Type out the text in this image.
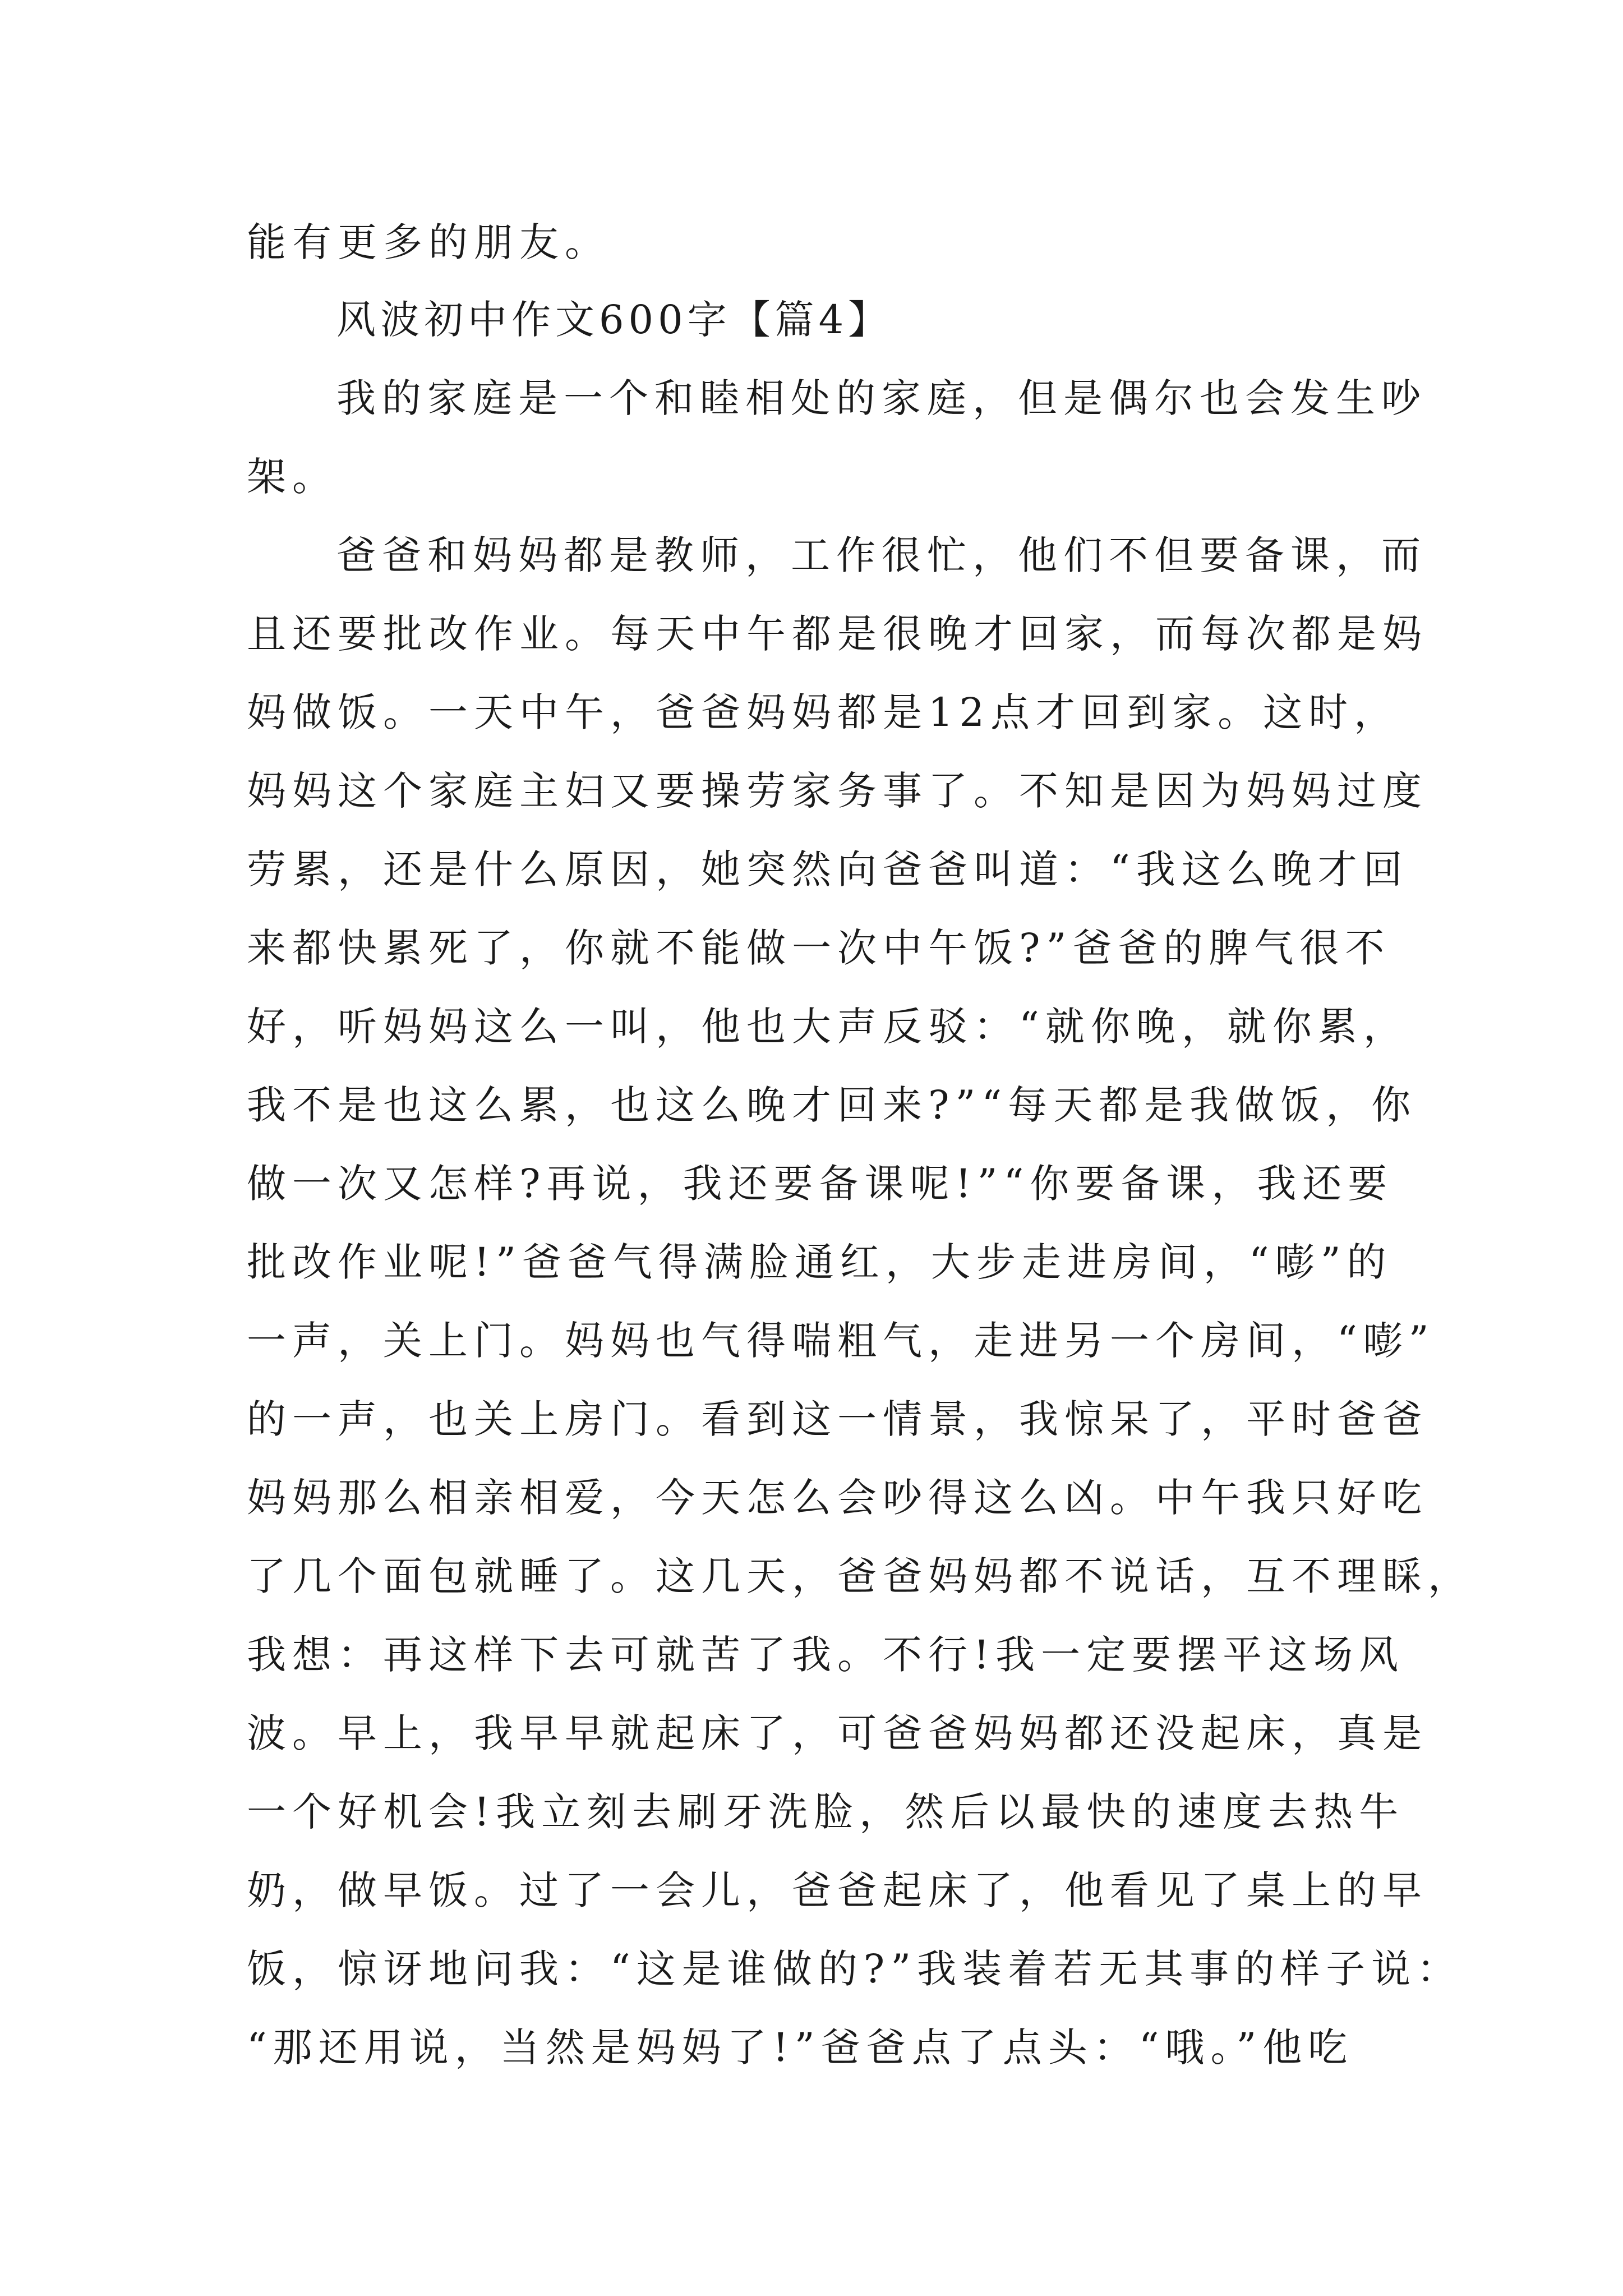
能有更多的朋友。
风波初中作文600字【篇4】
我的家庭是一个和睦相处的家庭，但是偶尔也会发生吵
架。
爸爸和妈妈都是教师，工作很忙，他们不但要备课，而
且还要批改作业。每天中午都是很晚才回家，而每次都是妈
妈做饭。一天中午，爸爸妈妈都是12点才回到家。这时，
妈妈这个家庭主妇又要操劳家务事了。不知是因为妈妈过度
劳累，还是什么原因，她突然向爸爸叫道：“我这么晚才回
来都快累死了，你就不能做一次中午饭?”爸爸的脾气很不
好，听妈妈这么一叫，他也大声反驳：“就你晚，就你累，
我不是也这么累，也这么晚才回来?”“每天都是我做饭，你
做一次又怎样?再说，我还要备课呢!”“你要备课，我还要
批改作业呢!”爸爸气得满脸通红，大步走进房间，“嘭”的
一声，关上门。妈妈也气得喘粗气，走进另一个房间，“嘭”
的一声，也关上房门。看到这一情景，我惊呆了，平时爸爸
妈妈那么相亲相爱，今天怎么会吵得这么凶。中午我只好吃
了几个面包就睡了。这几天，爸爸妈妈都不说话，互不理睬，
我想：再这样下去可就苦了我。不行!我一定要摆平这场风
波。早上，我早早就起床了，可爸爸妈妈都还没起床，真是
一个好机会!我立刻去刷牙洗脸，然后以最快的速度去热牛
奶，做早饭。过了一会儿，爸爸起床了，他看见了桌上的早
饭，惊讶地问我：“这是谁做的?”我装着若无其事的样子说：
“那还用说，当然是妈妈了!”爸爸点了点头：“哦。”他吃
